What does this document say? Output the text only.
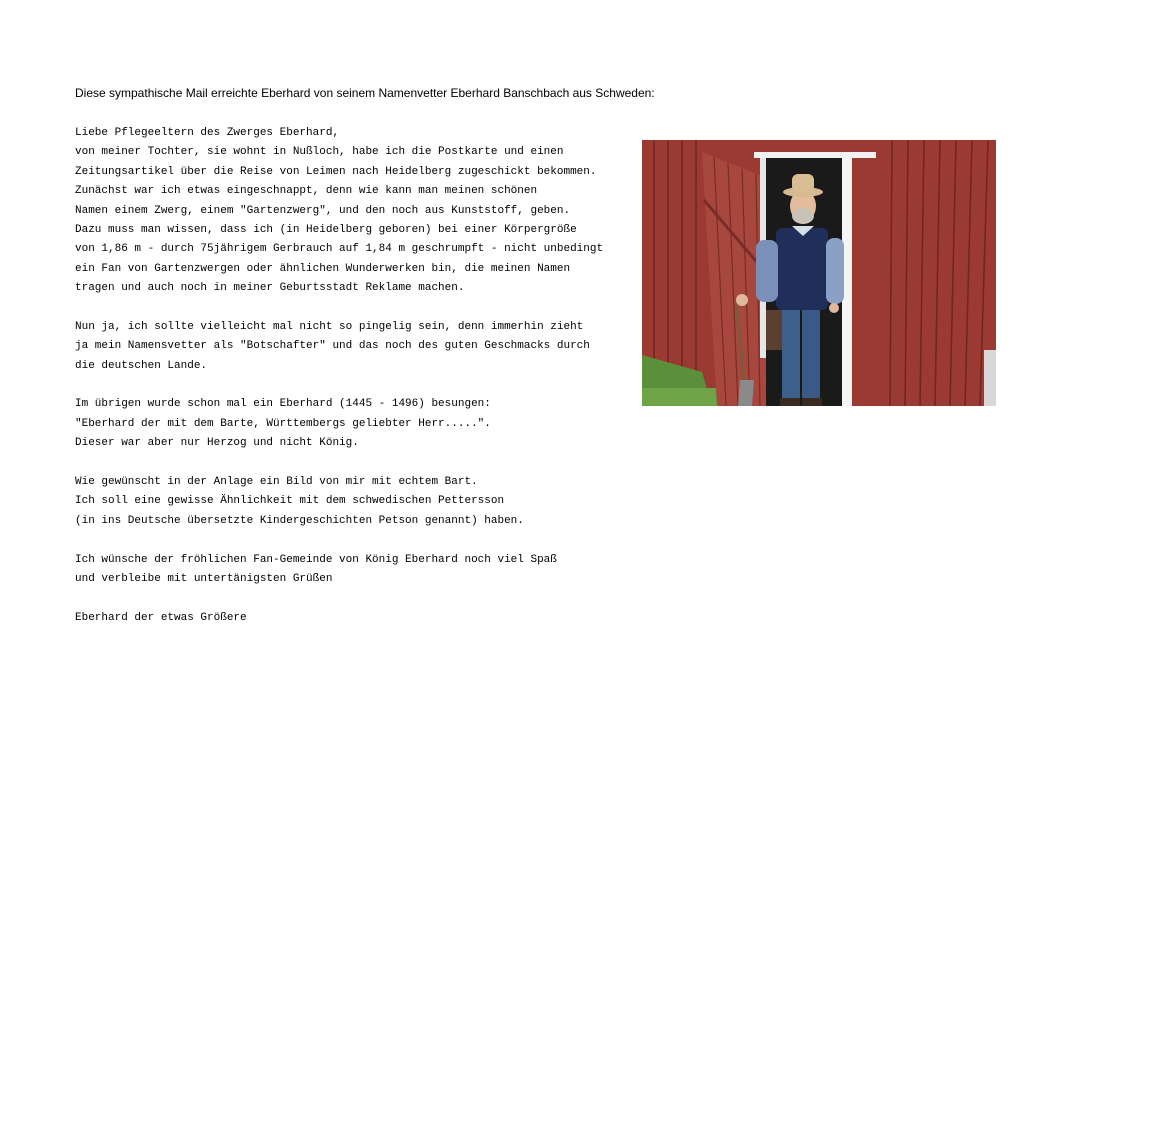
Diese sympathische Mail erreichte Eberhard von seinem Namenvetter Eberhard Banschbach aus Schweden:
Liebe Pflegeeltern des Zwerges Eberhard,
von meiner Tochter, sie wohnt in Nußloch, habe ich die Postkarte und einen
Zeitungsartikel über die Reise von Leimen nach Heidelberg zugeschickt bekommen.
Zunächst war ich etwas eingeschnappt, denn wie kann man meinen schönen
Namen einem Zwerg, einem "Gartenzwerg", und den noch aus Kunststoff, geben.
Dazu muss man wissen, dass ich (in Heidelberg geboren) bei einer Körpergröße
von 1,86 m - durch 75jährigem Gerbrauch auf 1,84 m geschrumpft - nicht unbedingt
ein Fan von Gartenzwergen oder ähnlichen Wunderwerken bin, die meinen Namen
tragen und auch noch in meiner Geburtsstadt Reklame machen.
Nun ja, ich sollte vielleicht mal nicht so pingelig sein, denn immerhin zieht
ja mein Namensvetter als "Botschafter" und das noch des guten Geschmacks durch
die deutschen Lande.
Im übrigen wurde schon mal ein Eberhard (1445 - 1496) besungen:
"Eberhard der mit dem Barte, Württembergs geliebter Herr.....".
Dieser war aber nur Herzog und nicht König.
Wie gewünscht in der Anlage ein Bild von mir mit echtem Bart.
Ich soll eine gewisse Ähnlichkeit mit dem schwedischen Pettersson
(in ins Deutsche übersetzte Kindergeschichten Petson genannt) haben.
Ich wünsche der fröhlichen Fan-Gemeinde von König Eberhard noch viel Spaß
und verbleibe mit untertänigsten Grüßen
Eberhard der etwas Größere
